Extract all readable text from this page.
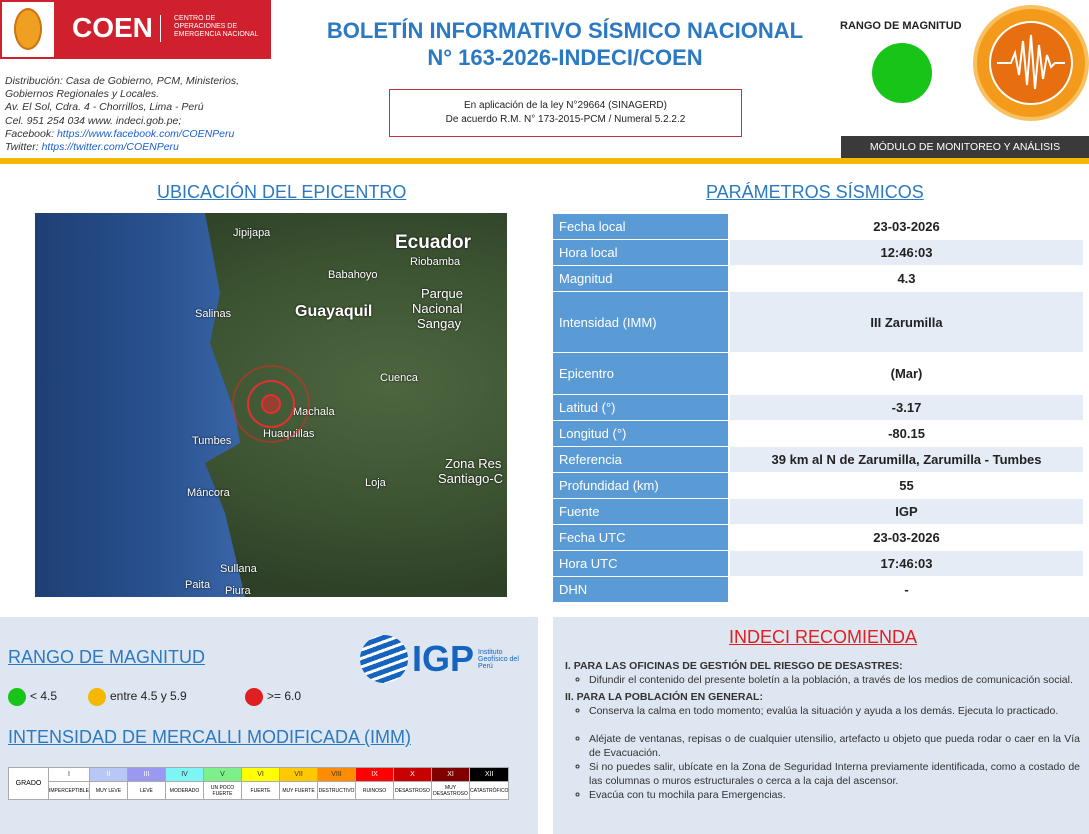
COEN	CENTRO DE OPERACIONES DE EMERGENCIA NACIONAL
Distribución: Casa de Gobierno, PCM, Ministerios,
Gobiernos Regionales y Locales.
Av. El Sol, Cdra. 4 - Chorrillos, Lima - Perú
Cel. 951 254 034 www. indeci.gob.pe;
Facebook: https://www.facebook.com/COENPeru
Twitter: https://twitter.com/COENPeru
BOLETÍN INFORMATIVO SÍSMICO NACIONAL
N° 163-2026-INDECI/COEN
En aplicación de la ley N°29664 (SINAGERD)
De acuerdo R.M. N° 173-2015-PCM / Numeral 5.2.2.2
RANGO DE MAGNITUD
MÓDULO DE MONITOREO Y ANÁLISIS
UBICACIÓN DEL EPICENTRO
Jipijapa	Ecuador
Riobamba
Babahoyo
Guayaquil
Parque
Nacional
Sangay
Salinas
Cuenca
Machala
Tumbes
Huaquillas
Zona Res
Santiago-C
Loja
Máncora
Sullana
Paita Piura
PARÁMETROS SÍSMICOS
Fecha local	23-03-2026
Hora local	12:46:03
Magnitud	4.3
Intensidad (IMM)	III Zarumilla
Epicentro	(Mar)
Latitud (°)	-3.17
Longitud (°)	-80.15
Referencia	39 km al N de Zarumilla, Zarumilla - Tumbes
Profundidad (km)	55
Fuente	IGP
Fecha UTC	23-03-2026
Hora UTC	17:46:03
DHN	-
RANGO DE MAGNITUD	IGP Instituto Geofísico del Perú
< 4.5	entre 4.5 y 5.9	>= 6.0
INTENSIDAD DE MERCALLI MODIFICADA (IMM)
GRADO	I	II	III	IV	V	VI	VII	VIII	IX	X	XI	XII
	IMPERCEPTIBLE	MUY LEVE	LEVE	MODERADO	UN POCO FUERTE	FUERTE	MUY FUERTE	DESTRUCTIVO	RUINOSO	DESASTROSO	MUY DESASTROSO	CATASTRÓFICO
INDECI RECOMIENDA
I. PARA LAS OFICINAS DE GESTIÓN DEL RIESGO DE DESASTRES:
◦ Difundir el contenido del presente boletín a la población, a través de los medios de comunicación social.
II. PARA LA POBLACIÓN EN GENERAL:
◦ Conserva la calma en todo momento; evalúa la situación y ayuda a los demás. Ejecuta lo practicado.
◦ Aléjate de ventanas, repisas o de cualquier utensilio, artefacto u objeto que pueda rodar o caer en la Vía de Evacuación.
◦ Si no puedes salir, ubícate en la Zona de Seguridad Interna previamente identificada, como a costado de las columnas o muros estructurales o cerca a la caja del ascensor.
◦ Evacúa con tu mochila para Emergencias.
